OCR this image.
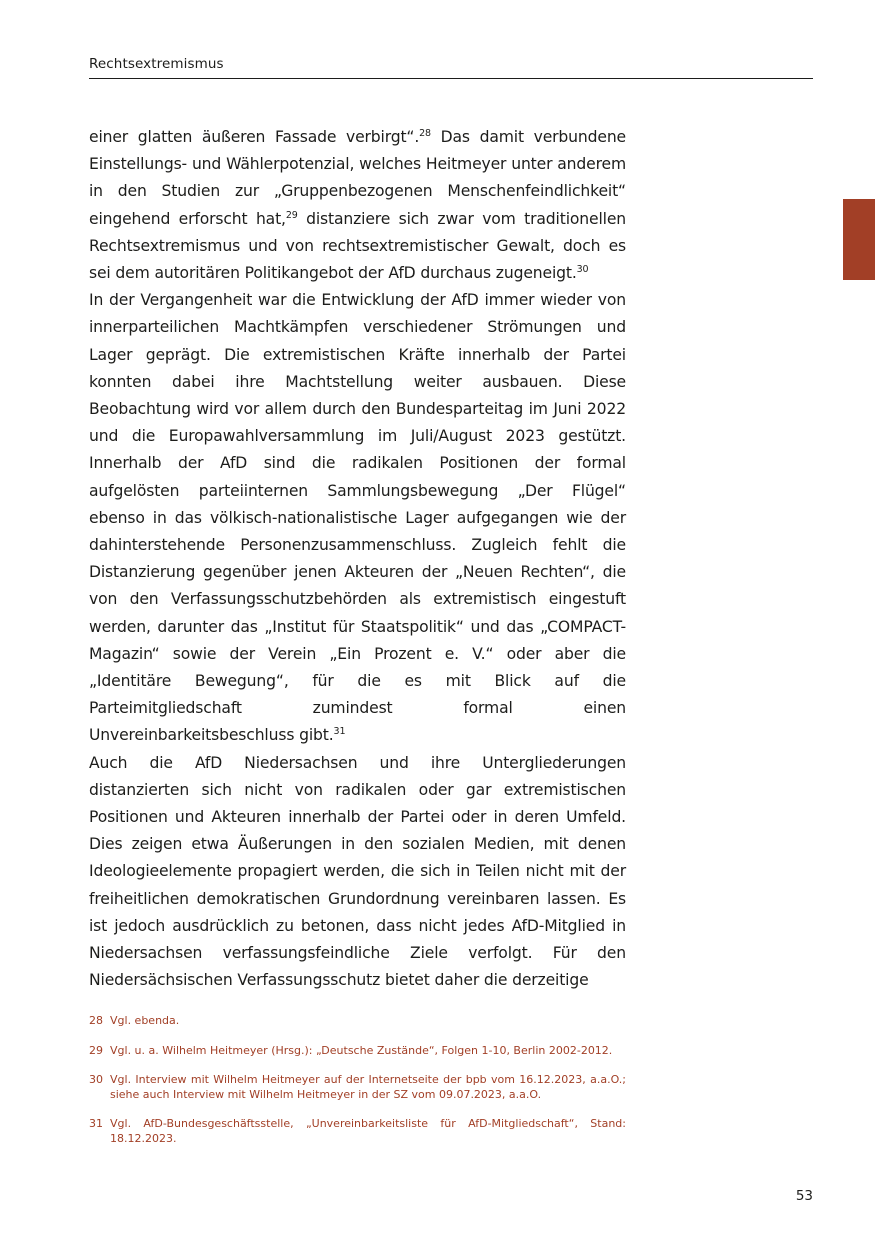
Rechtsextremismus

einer glatten äußeren Fassade verbirgt“.$^{28}$ Das damit verbundene Einstellungs- und Wählerpotenzial, welches Heitmeyer unter anderem in den Studien zur „Gruppenbezogenen Menschenfeindlichkeit“ eingehend erforscht hat,$^{29}$ distanziere sich zwar vom traditionellen Rechtsextremismus und von rechtsextremistischer Gewalt, doch es sei dem autoritären Politikangebot der AfD durchaus zugeneigt.$^{30}$

In der Vergangenheit war die Entwicklung der AfD immer wieder von innerparteilichen Machtkämpfen verschiedener Strömungen und Lager geprägt. Die extremistischen Kräfte innerhalb der Partei konnten dabei ihre Machtstellung weiter ausbauen. Diese Beobachtung wird vor allem durch den Bundesparteitag im Juni 2022 und die Europawahlversammlung im Juli/August 2023 gestützt. Innerhalb der AfD sind die radikalen Positionen der formal aufgelösten parteiinternen Sammlungsbewegung „Der Flügel“ ebenso in das völkisch-nationalistische Lager aufgegangen wie der dahinterstehende Personenzusammenschluss. Zugleich fehlt die Distanzierung gegenüber jenen Akteuren der „Neuen Rechten“, die von den Verfassungsschutzbehörden als extremistisch eingestuft werden, darunter das „Institut für Staatspolitik“ und das „COMPACT-Magazin“ sowie der Verein „Ein Prozent e. V.“ oder aber die „Identitäre Bewegung“, für die es mit Blick auf die Parteimitgliedschaft zumindest formal einen Unvereinbarkeitsbeschluss gibt.$^{31}$

Auch die AfD Niedersachsen und ihre Untergliederungen distanzierten sich nicht von radikalen oder gar extremistischen Positionen und Akteuren innerhalb der Partei oder in deren Umfeld. Dies zeigen etwa Äußerungen in den sozialen Medien, mit denen Ideologieelemente propagiert werden, die sich in Teilen nicht mit der freiheitlichen demokratischen Grundordnung vereinbaren lassen. Es ist jedoch ausdrücklich zu betonen, dass nicht jedes AfD-Mitglied in Niedersachsen verfassungsfeindliche Ziele verfolgt. Für den Niedersächsischen Verfassungsschutz bietet daher die derzeitige

28 Vgl. ebenda.
29 Vgl. u. a. Wilhelm Heitmeyer (Hrsg.): „Deutsche Zustände“, Folgen 1-10, Berlin 2002-2012.
30 Vgl. Interview mit Wilhelm Heitmeyer auf der Internetseite der bpb vom 16.12.2023, a.a.O.; siehe auch Interview mit Wilhelm Heitmeyer in der SZ vom 09.07.2023, a.a.O.
31 Vgl. AfD-Bundesgeschäftsstelle, „Unvereinbarkeitsliste für AfD-Mitgliedschaft“, Stand: 18.12.2023.
53
